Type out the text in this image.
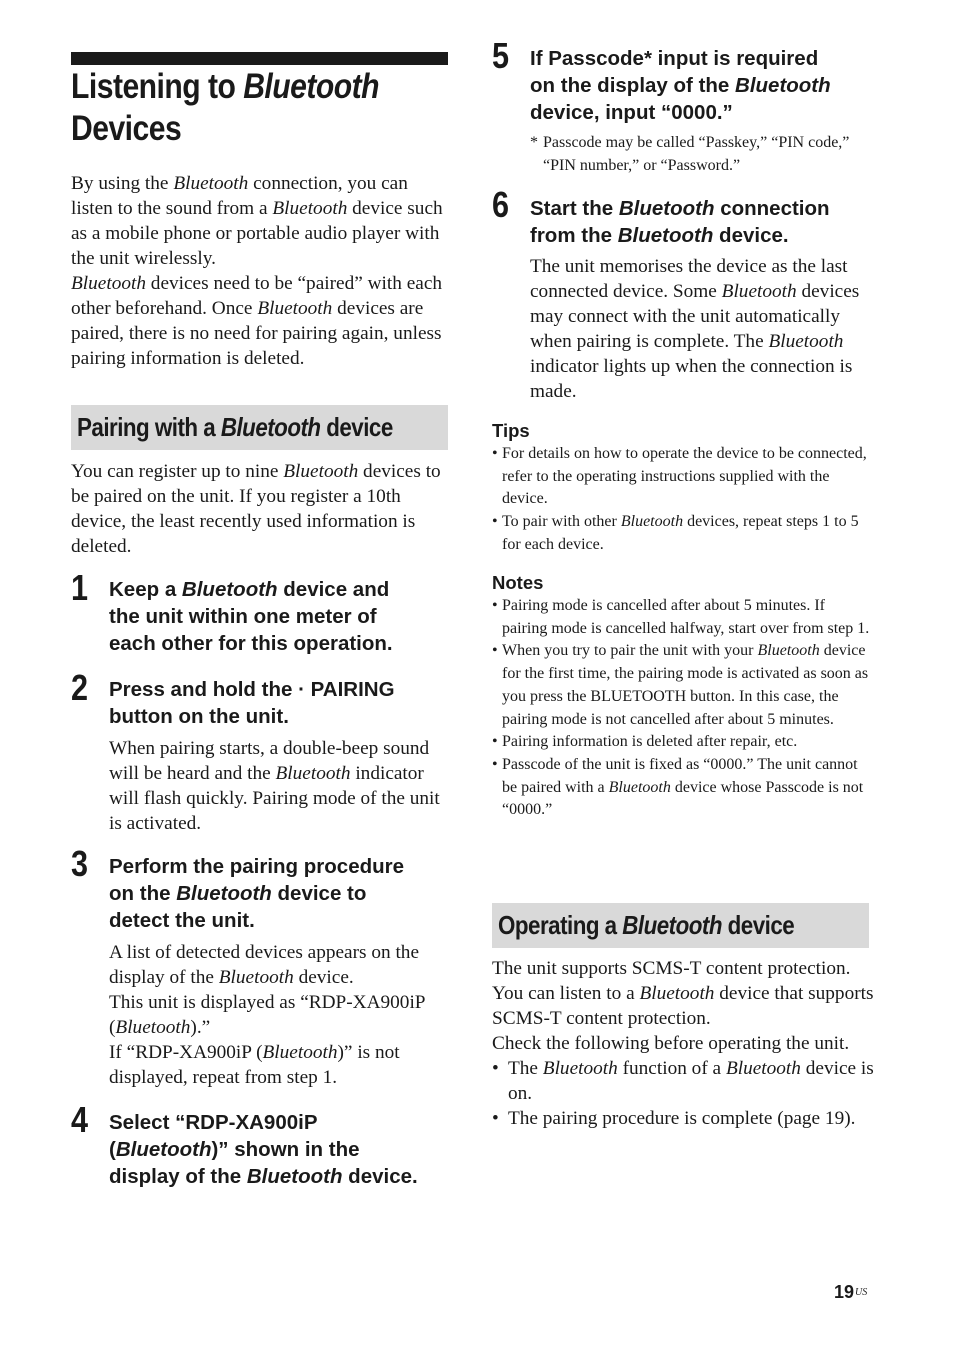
Listening to Bluetooth
Devices

By using the Bluetooth connection, you can listen to the sound from a Bluetooth device such as a mobile phone or portable audio player with the unit wirelessly.

Bluetooth devices need to be “paired” with each other beforehand. Once Bluetooth devices are paired, there is no need for pairing again, unless pairing information is deleted.

Pairing with a Bluetooth device

You can register up to nine Bluetooth devices to be paired on the unit. If you register a 10th device, the least recently used information is deleted.

1 Keep a Bluetooth device and
the unit within one meter of
each other for this operation.
2 Press and hold the · PAIRING
button on the unit.

When pairing starts, a double-beep sound will be heard and the Bluetooth indicator will flash quickly. Pairing mode of the unit is activated.

3 Perform the pairing procedure
on the Bluetooth device to
detect the unit.

A list of detected devices appears on the display of the Bluetooth device.

This unit is displayed as “RDP-XA900iP (Bluetooth).”

If “RDP-XA900iP (Bluetooth)” is not displayed, repeat from step 1.

4 Select “RDP-XA900iP
(Bluetooth)” shown in the
display of the Bluetooth device.
5 If Passcode* input is required
on the display of the Bluetooth
device, input “0000.”
* Passcode may be called “Passkey,” “PIN code,” “PIN number,” or “Password.”
6 Start the Bluetooth connection
from the Bluetooth device.

The unit memorises the device as the last connected device. Some Bluetooth devices may connect with the unit automatically when pairing is complete. The Bluetooth indicator lights up when the connection is made.

Tips
• For details on how to operate the device to be connected, refer to the operating instructions supplied with the device.
• To pair with other Bluetooth devices, repeat steps 1 to 5 for each device.
Notes
• Pairing mode is cancelled after about 5 minutes. If pairing mode is cancelled halfway, start over from step 1.
• When you try to pair the unit with your Bluetooth device for the first time, the pairing mode is activated as soon as you press the BLUETOOTH button. In this case, the pairing mode is not cancelled after about 5 minutes.
• Pairing information is deleted after repair, etc.
• Passcode of the unit is fixed as “0000.” The unit cannot be paired with a Bluetooth device whose Passcode is not “0000.”
Operating a Bluetooth device

The unit supports SCMS-T content protection.

You can listen to a Bluetooth device that supports SCMS-T content protection.

Check the following before operating the unit.

• The Bluetooth function of a Bluetooth device is on.
• The pairing procedure is complete (page 19).
$19^{US}$
